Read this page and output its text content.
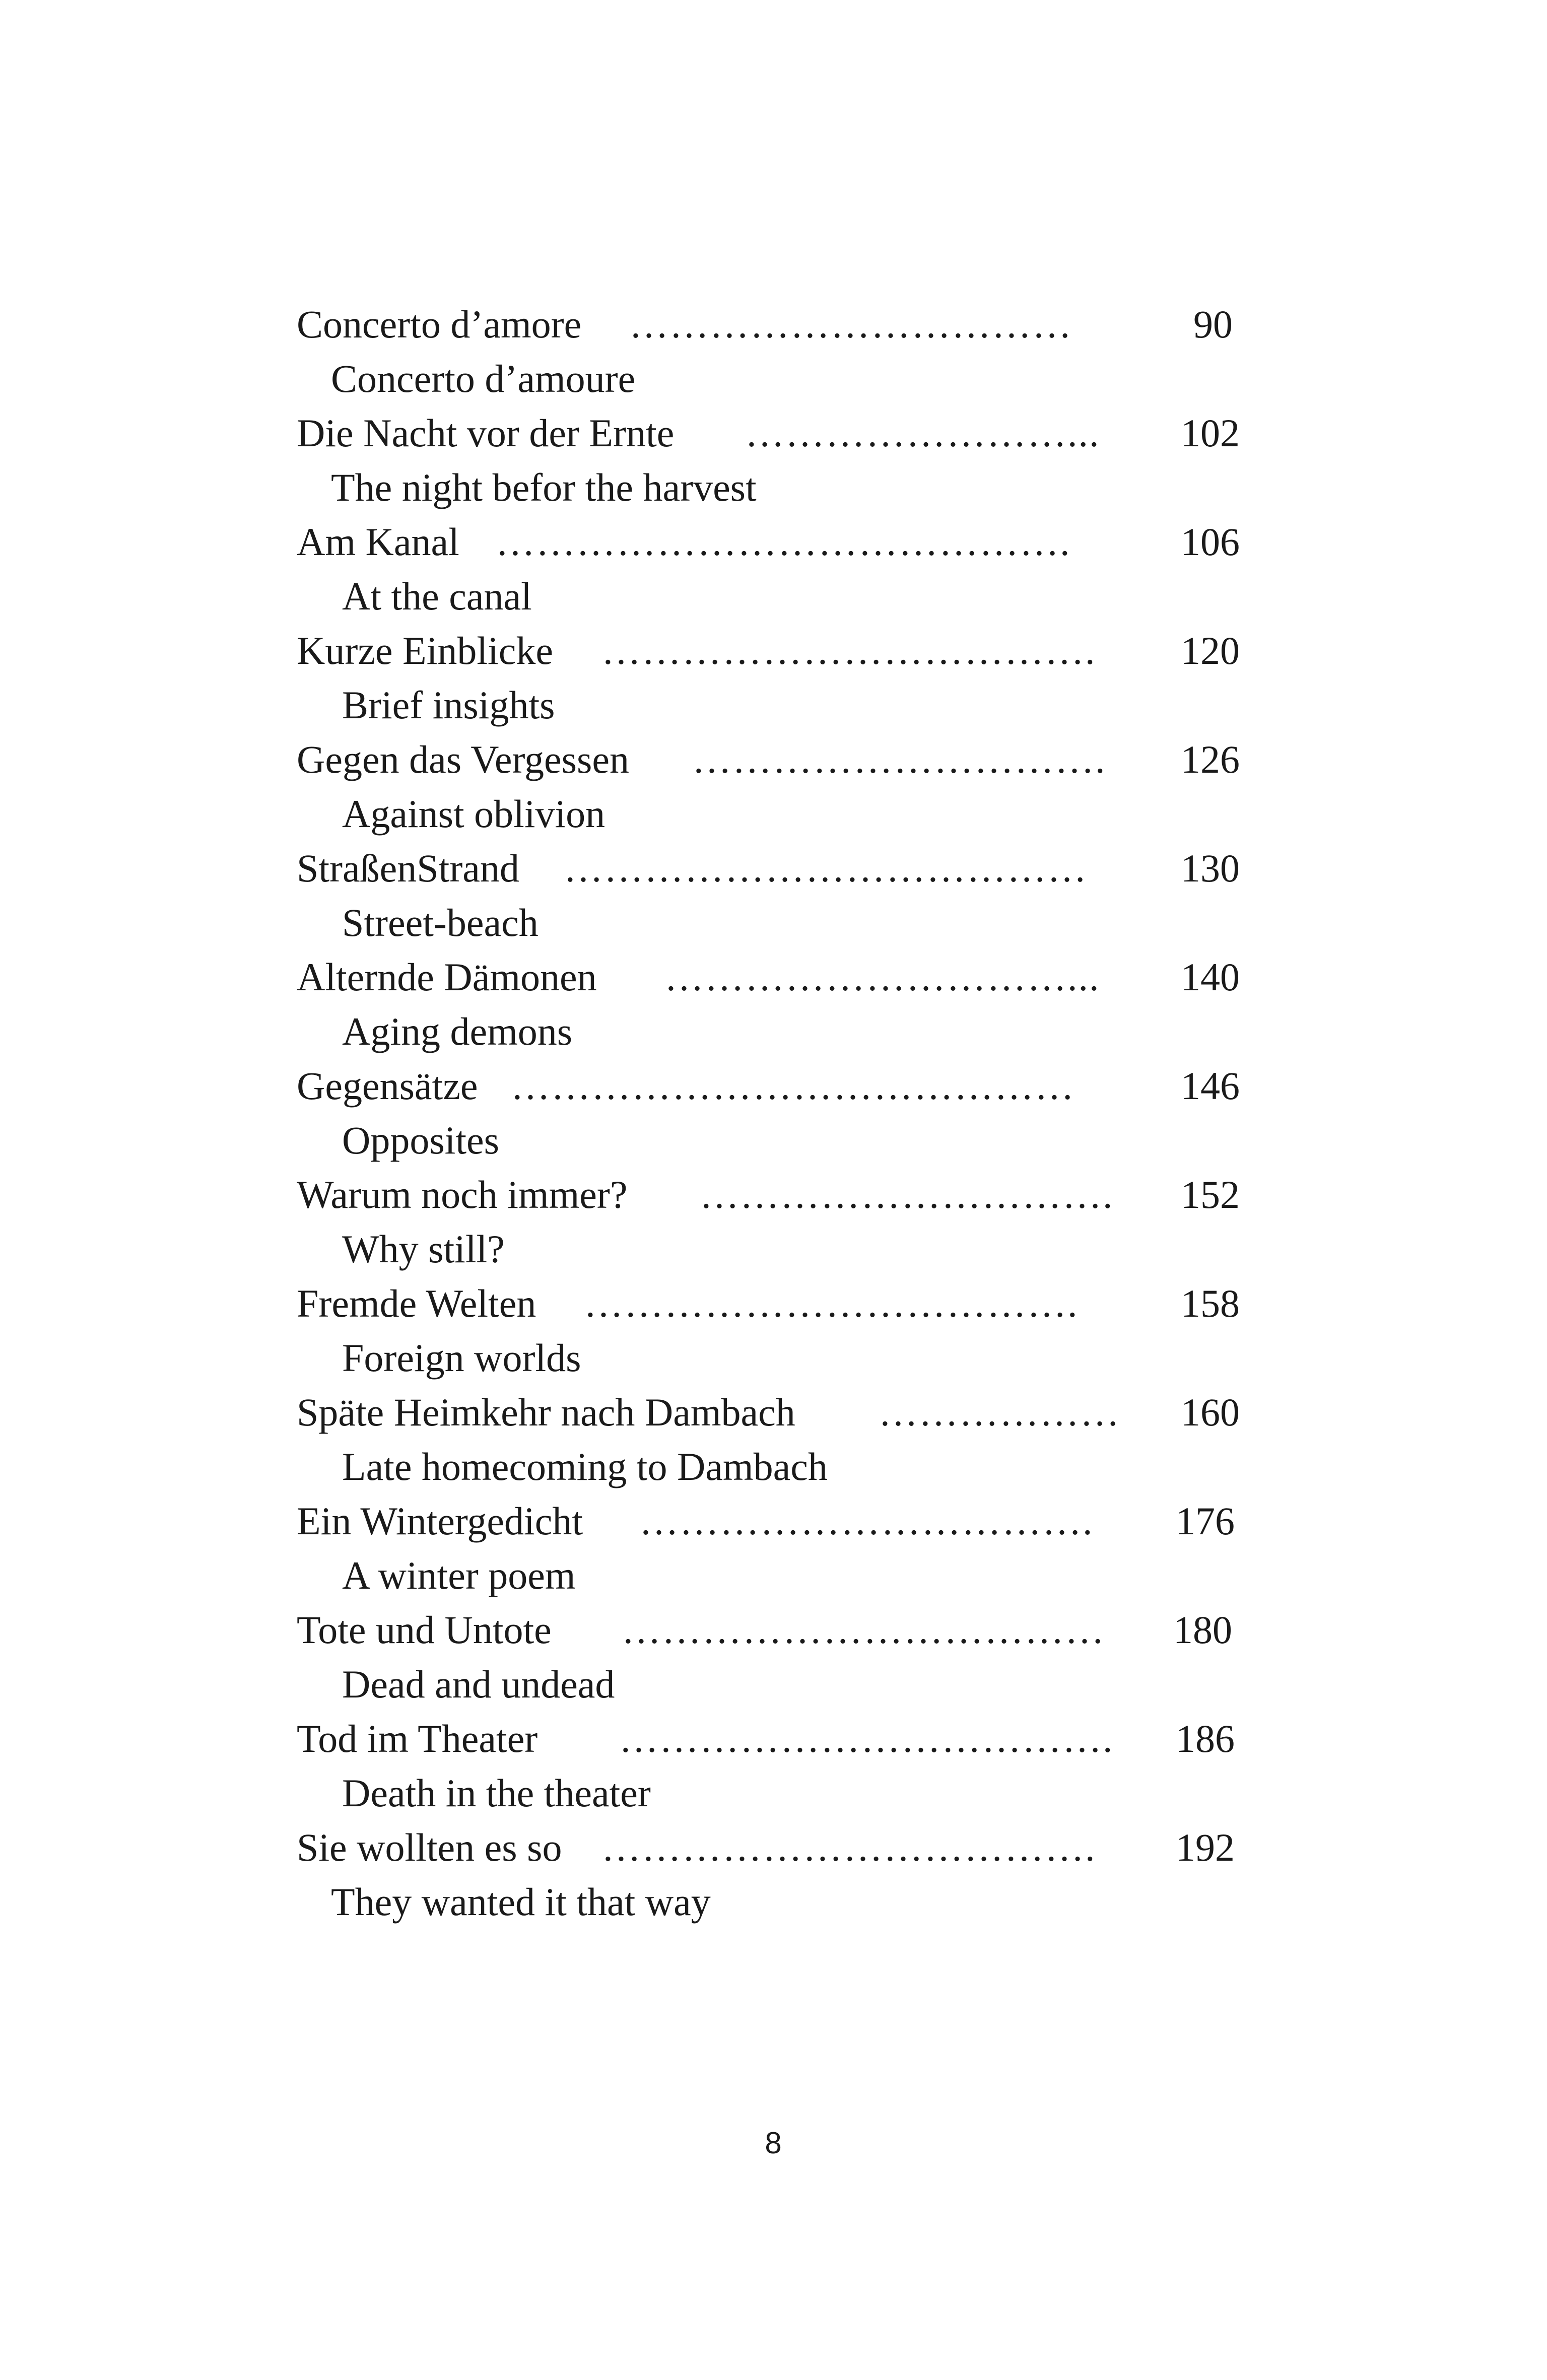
Concerto d’amore ……………………………	90
Concerto d’amoure
Die Nacht vor der Ernte ……………………... 102
The night befor the harvest
Am Kanal …………………………………….	106
At the canal
Kurze Einblicke ………………………………. 120
Brief insights
Gegen das Vergessen …………………………. 126
Against oblivion
StraßenStrand ………………………………… 130
Street-beach
Alternde Dämonen …………………………... 140
Aging demons
Gegensätze ……………………………………	146
Opposites
Warum noch immer? …………………………. 152
Why still?
Fremde Welten ……………………………….	158
Foreign worlds
Späte Heimkehr nach Dambach ……………… 160
Late homecoming to Dambach
Ein Wintergedicht ……………………………. 176
A winter poem
Tote und Untote ……………………………… 180
Dead and undead
Tod im Theater ………………………………. 186
Death in the theater
Sie wollten es so ………………………………. 192
They wanted it that way
8
